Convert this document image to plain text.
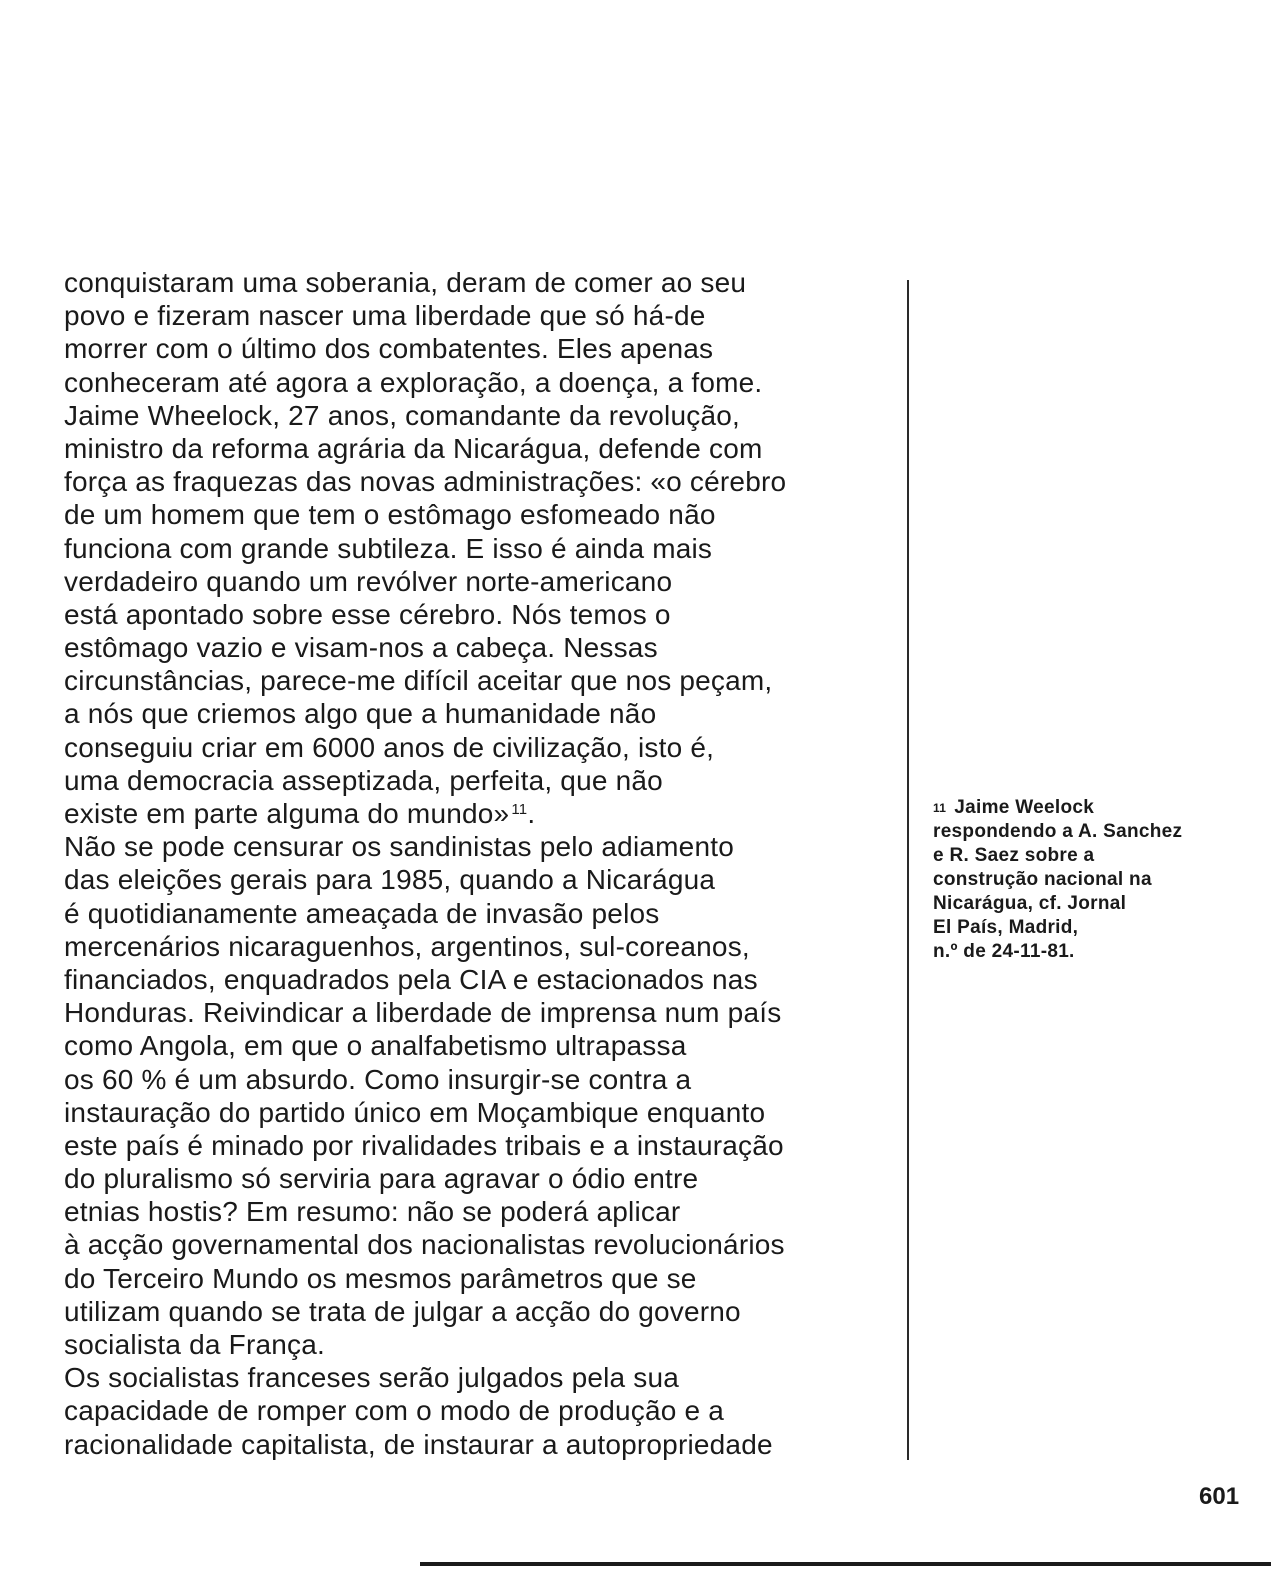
conquistaram uma soberania, deram de comer ao seu
povo e fizeram nascer uma liberdade que só há-de
morrer com o último dos combatentes. Eles apenas
conheceram até agora a exploração, a doença, a fome.
Jaime Wheelock, 27 anos, comandante da revolução,
ministro da reforma agrária da Nicarágua, defende com
força as fraquezas das novas administrações: «o cérebro
de um homem que tem o estômago esfomeado não
funciona com grande subtileza. E isso é ainda mais
verdadeiro quando um revólver norte-americano
está apontado sobre esse cérebro. Nós temos o
estômago vazio e visam-nos a cabeça. Nessas
circunstâncias, parece-me difícil aceitar que nos peçam,
a nós que criemos algo que a humanidade não
conseguiu criar em 6000 anos de civilização, isto é,
uma democracia asseptizada, perfeita, que não
existe em parte alguma do mundo» $^{11}$.
Não se pode censurar os sandinistas pelo adiamento
das eleições gerais para 1985, quando a Nicarágua
é quotidianamente ameaçada de invasão pelos
mercenários nicaraguenhos, argentinos, sul-coreanos,
financiados, enquadrados pela CIA e estacionados nas
Honduras. Reivindicar a liberdade de imprensa num país
como Angola, em que o analfabetismo ultrapassa
os 60 % é um absurdo. Como insurgir-se contra a
instauração do partido único em Moçambique enquanto
este país é minado por rivalidades tribais e a instauração
do pluralismo só serviria para agravar o ódio entre
etnias hostis? Em resumo: não se poderá aplicar
à acção governamental dos nacionalistas revolucionários
do Terceiro Mundo os mesmos parâmetros que se
utilizam quando se trata de julgar a acção do governo
socialista da França.
Os socialistas franceses serão julgados pela sua
capacidade de romper com o modo de produção e a
racionalidade capitalista, de instaurar a autopropriedade
$^{11}$ Jaime Weelock
respondendo a A. Sanchez
e R. Saez sobre a
construção nacional na
Nicarágua, cf. Jornal
El País, Madrid,
n.º de 24-11-81.
601
